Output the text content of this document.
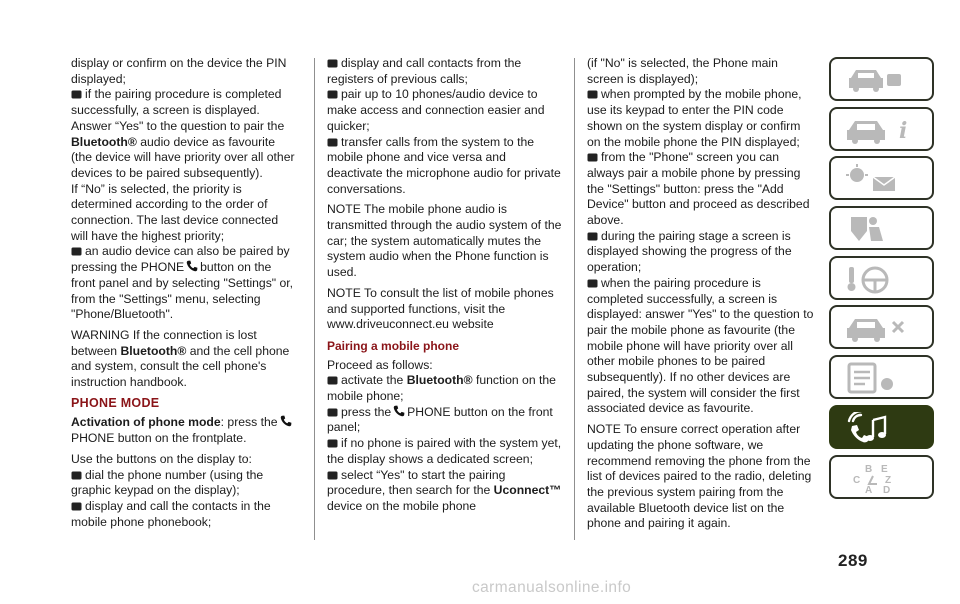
display or confirm on the device the PIN displayed;

if the pairing procedure is completed successfully, a screen is displayed. Answer “Yes" to the question to pair the Bluetooth® audio device as favourite (the device will have priority over all other devices to be paired subsequently).

If “No” is selected, the priority is determined according to the order of connection. The last device connected will have the highest priority;

an audio device can also be paired by pressing the PHONE button on the front panel and by selecting "Settings" or, from the "Settings" menu, selecting "Phone/Bluetooth".

WARNING If the connection is lost between Bluetooth® and the cell phone and system, consult the cell phone's instruction handbook.

PHONE MODE

Activation of phone mode: press thePHONE button on the frontplate.

Use the buttons on the display to:

dial the phone number (using the graphic keypad on the display);

display and call the contacts in the mobile phone phonebook;

display and call contacts from the registers of previous calls;

pair up to 10 phones/audio device to make access and connection easier and quicker;

transfer calls from the system to the mobile phone and vice versa and deactivate the microphone audio for private conversations.

NOTE The mobile phone audio is transmitted through the audio system of the car; the system automatically mutes the system audio when the Phone function is used.

NOTE To consult the list of mobile phones and supported functions, visit the www.driveuconnect.eu website

Pairing a mobile phone

Proceed as follows:

activate the Bluetooth® function on the mobile phone;

press the PHONE button on the front panel;

if no phone is paired with the system yet, the display shows a dedicated screen;

select “Yes" to start the pairing procedure, then search for the Uconnect™ device on the mobile phone

(if "No" is selected, the Phone main screen is displayed);

when prompted by the mobile phone, use its keypad to enter the PIN code shown on the system display or confirm on the mobile phone the PIN displayed;

from the "Phone" screen you can always pair a mobile phone by pressing the "Settings" button: press the "Add Device" button and proceed as described above.

during the pairing stage a screen is displayed showing the progress of the operation;

when the pairing procedure is completed successfully, a screen is displayed: answer "Yes" to the question to pair the mobile phone as favourite (the mobile phone will have priority over all other mobile phones to be paired subsequently). If no other devices are paired, the system will consider the first associated device as favourite.

NOTE To ensure correct operation after updating the phone software, we recommend removing the phone from the list of devices paired to the radio, deleting the previous system pairing from the available Bluetooth device list on the phone and pairing it again.

i
B E
C Z
A D
289
carmanualsonline.info
